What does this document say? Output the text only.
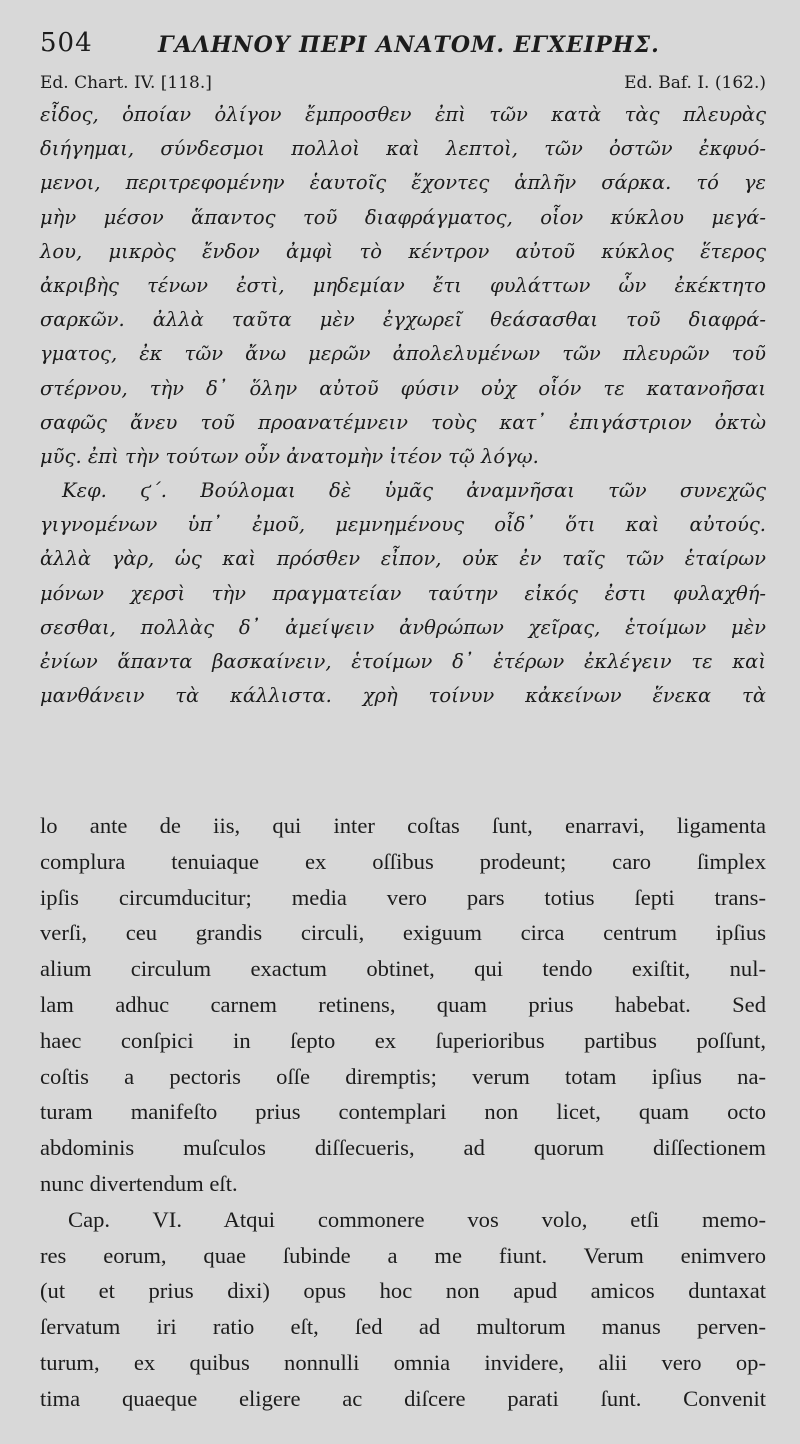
504	ΓΑΛΗΝΟΥ ΠΕΡΙ ΑΝΑΤΟΜ. ΕΓΧΕΙΡΗΣ.
Ed. Chart. IV. [118.]	Ed. Baf. I. (162.)
εἶδος, ὁποίαν ὀλίγον ἔμπροσθεν ἐπὶ τῶν κατὰ τὰς πλευρὰς
διήγημαι, σύνδεσμοι πολλοὶ καὶ λεπτοὶ, τῶν ὀστῶν ἐκφυό-
μενοι, περιτρεφομένην ἑαυτοῖς ἔχοντες ἁπλῆν σάρκα. τό γε
μὴν μέσον ἅπαντος τοῦ διαφράγματος, οἷον κύκλου μεγά-
λου, μικρὸς ἔνδον ἀμφὶ τὸ κέντρον αὐτοῦ κύκλος ἕτερος
ἀκριβὴς τένων ἐστὶ, μηδεμίαν ἔτι φυλάττων ὧν ἐκέκτητο
σαρκῶν. ἀλλὰ ταῦτα μὲν ἐγχωρεῖ θεάσασθαι τοῦ διαφρά-
γματος, ἐκ τῶν ἄνω μερῶν ἀπολελυμένων τῶν πλευρῶν τοῦ
στέρνου, τὴν δ᾽ ὅλην αὐτοῦ φύσιν οὐχ οἷόν τε κατανοῆσαι
σαφῶς ἄνευ τοῦ προανατέμνειν τοὺς κατ᾽ ἐπιγάστριον ὀκτὼ
μῦς. ἐπὶ τὴν τούτων οὖν ἀνατομὴν ἰτέον τῷ λόγῳ.
Κεφ. ϛ΄. Βούλομαι δὲ ὑμᾶς ἀναμνῆσαι τῶν συνεχῶς
γιγνομένων ὑπ᾽ ἐμοῦ, μεμνημένους οἶδ᾽ ὅτι καὶ αὐτούς.
ἀλλὰ γὰρ, ὡς καὶ πρόσθεν εἶπον, οὐκ ἐν ταῖς τῶν ἑταίρων
μόνων χερσὶ τὴν πραγματείαν ταύτην εἰκός ἐστι φυλαχθή-
σεσθαι, πολλὰς δ᾽ ἀμείψειν ἀνθρώπων χεῖρας, ἑτοίμων μὲν
ἐνίων ἅπαντα βασκαίνειν, ἑτοίμων δ᾽ ἑτέρων ἐκλέγειν τε καὶ
μανθάνειν τὰ κάλλιστα. χρὴ τοίνυν κἀκείνων ἕνεκα τὰ
lo ante de iis, qui inter coſtas ſunt, enarravi, ligamenta
complura tenuiaque ex oſſibus prodeunt; caro ſimplex
ipſis circumducitur; media vero pars totius ſepti trans-
verſi, ceu grandis circuli, exiguum circa centrum ipſius
alium circulum exactum obtinet, qui tendo exiſtit, nul-
lam adhuc carnem retinens, quam prius habebat. Sed
haec conſpici in ſepto ex ſuperioribus partibus poſſunt,
coſtis a pectoris oſſe diremptis; verum totam ipſius na-
turam manifeſto prius contemplari non licet, quam octo
abdominis muſculos diſſecueris, ad quorum diſſectionem
nunc divertendum eſt.
Cap. VI. Atqui commonere vos volo, etſi memo-
res eorum, quae ſubinde a me fiunt. Verum enimvero
(ut et prius dixi) opus hoc non apud amicos duntaxat
ſervatum iri ratio eſt, ſed ad multorum manus perven-
turum, ex quibus nonnulli omnia invidere, alii vero op-
tima quaeque eligere ac diſcere parati ſunt. Convenit
